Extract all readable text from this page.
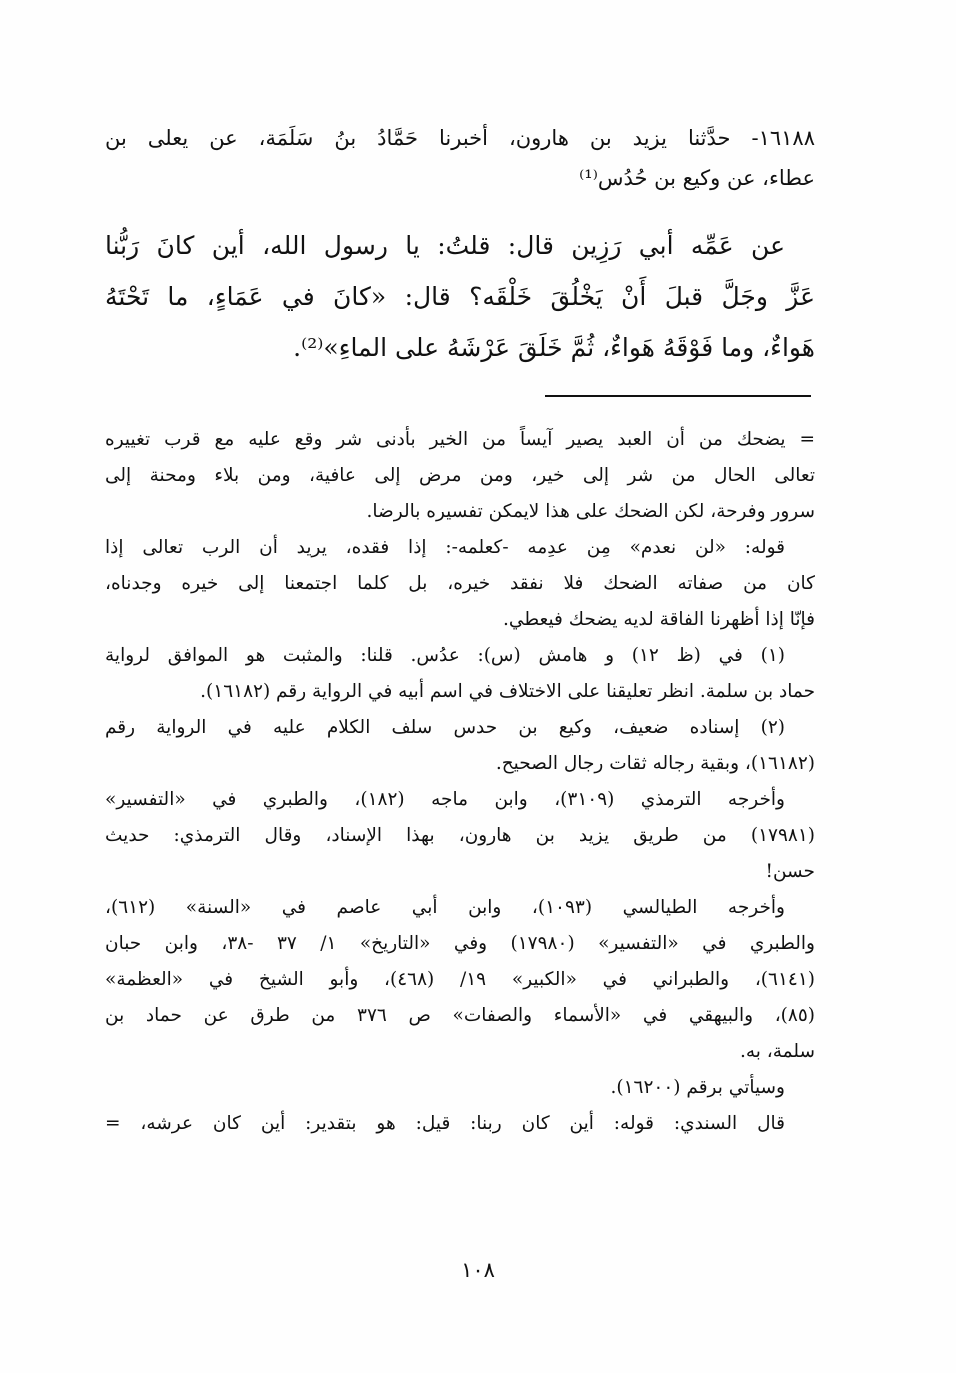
١٦١٨٨- حدَّثنا يزيد بن هارون، أخبرنا حَمَّادُ بنُ سَلَمَة، عن يعلى بن
عطاء، عن وكيع بن حُدُس⁽¹⁾
عن عَمِّه أبي رَزِين قال: قلتُ: يا رسول الله، أين كانَ رَبُّنا
عَزَّ وجَلَّ قبلَ أَنْ يَخْلُقَ خَلْقَه؟ قال: «كانَ في عَمَاءٍ، ما تَحْتَهُ
هَواءٌ، وما فَوْقَهُ هَواءٌ، ثُمَّ خَلَقَ عَرْشَهُ على الماءِ»⁽²⁾.
= يضحك من أن العبد يصير آيساً من الخير بأدنى شر وقع عليه مع قرب تغييره
تعالى الحال من شر إلى خير، ومن مرض إلى عافية، ومن بلاء ومحنة إلى
سرور وفرحة، لكن الضحك على هذا لايمكن تفسيره بالرضا.
قوله: «لن نعدم» مِن عدِمه -كعلمه-: إذا فقده، يريد أن الرب تعالى إذا
كان من صفاته الضحك فلا نفقد خيره، بل كلما اجتمعنا إلى خيره وجدناه،
فإنّا إذا أظهرنا الفاقة لديه يضحك فيعطي.
(١) في (ظ ١٢) و هامش (س): عدُس. قلنا: والمثبت هو الموافق لرواية
حماد بن سلمة. انظر تعليقنا على الاختلاف في اسم أبيه في الرواية رقم (١٦١٨٢).
(٢) إسناده ضعيف، وكيع بن حدس سلف الكلام عليه في الرواية رقم
(١٦١٨٢)، وبقية رجاله ثقات رجال الصحيح.
وأخرجه الترمذي (٣١٠٩)، وابن ماجه (١٨٢)، والطبري في «التفسير»
(١٧٩٨١) من طريق يزيد بن هارون، بهذا الإسناد، وقال الترمذي: حديث
حسن!
وأخرجه الطيالسي (١٠٩٣)، وابن أبي عاصم في «السنة» (٦١٢)،
والطبري في «التفسير» (١٧٩٨٠) وفي «التاريخ» ١/ ٣٧ -٣٨، وابن حبان
(٦١٤١)، والطبراني في «الكبير» ١٩/ (٤٦٨)، وأبو الشيخ في «العظمة»
(٨٥)، والبيهقي في «الأسماء والصفات» ص ٣٧٦ من طرق عن حماد بن
سلمة، به.
وسيأتي برقم (١٦٢٠٠).
قال السندي: قوله: أين كان ربنا: قيل: هو بتقدير: أين كان عرشه، =
١٠٨
